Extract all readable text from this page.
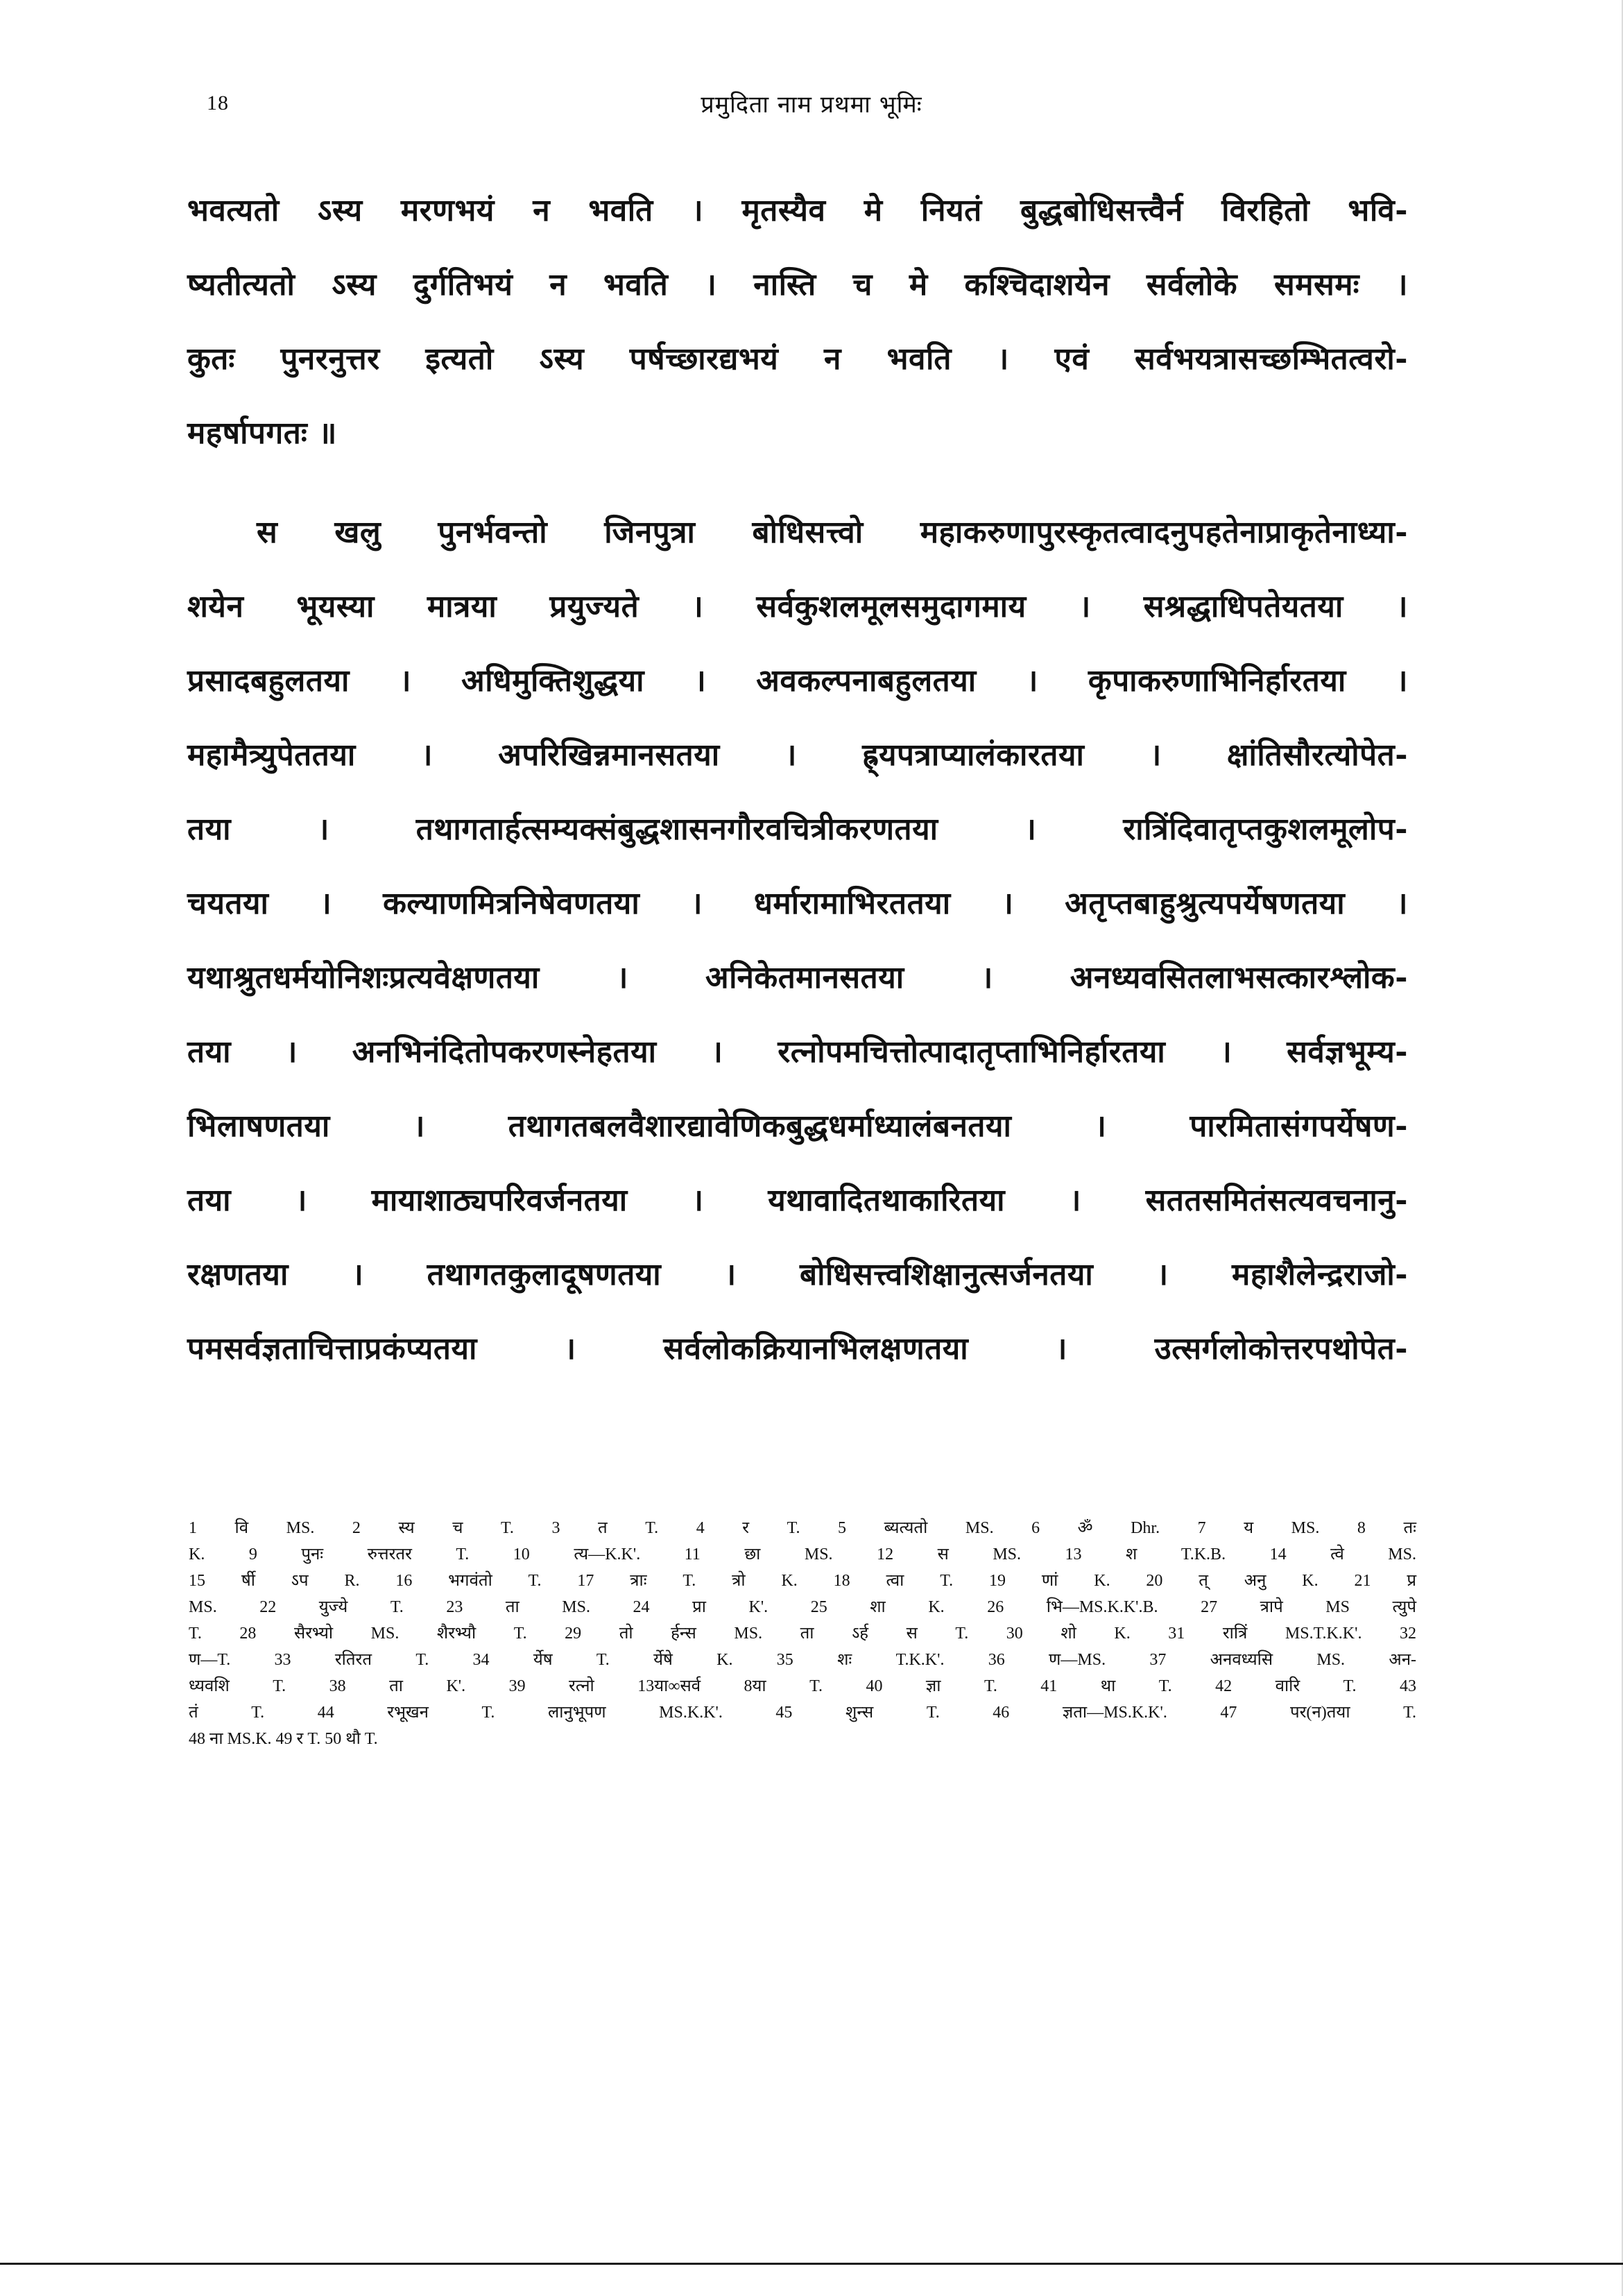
18	प्रमुदिता नाम प्रथमा भूमिः
भवत्यतो ऽस्य मरणभयं न भवति । मृतस्यैव मे नियतं बुद्धबोधिसत्त्वैर्न विरहितो भवि-
ष्यतीत्यतो ऽस्य दुर्गतिभयं न भवति । नास्ति च मे कश्चिदाशयेन सर्वलोके समसमः ।
कुतः पुनरनुत्तर इत्यतो ऽस्य पर्षच्छारद्यभयं न भवति । एवं सर्वभयत्रासच्छम्भितत्वरो-
महर्षापगतः ॥
स खलु पुनर्भवन्तो जिनपुत्रा बोधिसत्त्वो महाकरुणापुरस्कृतत्वादनुपहतेनाप्राकृतेनाध्या-
शयेन भूयस्या मात्रया प्रयुज्यते । सर्वकुशलमूलसमुदागमाय । सश्रद्धाधिपतेयतया ।
प्रसादबहुलतया । अधिमुक्तिशुद्धया । अवकल्पनाबहुलतया । कृपाकरुणाभिनिर्हारतया ।
महामैत्र्युपेततया । अपरिखिन्नमानसतया । ह्र्यपत्राप्यालंकारतया । क्षांतिसौरत्योपेत-
तया । तथागतार्हत्सम्यक्संबुद्धशासनगौरवचित्रीकरणतया । रात्रिंदिवातृप्तकुशलमूलोप-
चयतया । कल्याणमित्रनिषेवणतया । धर्मारामाभिरततया । अतृप्तबाहुश्रुत्यपर्येषणतया ।
यथाश्रुतधर्मयोनिशःप्रत्यवेक्षणतया । अनिकेतमानसतया । अनध्यवसितलाभसत्कारश्लोक-
तया । अनभिनंदितोपकरणस्नेहतया । रत्नोपमचित्तोत्पादातृप्ताभिनिर्हारतया । सर्वज्ञभूम्य-
भिलाषणतया । तथागतबलवैशारद्यावेणिकबुद्धधर्माध्यालंबनतया । पारमितासंगपर्येषण-
तया । मायाशाठ्यपरिवर्जनतया । यथावादितथाकारितया । सततसमितंसत्यवचनानु-
रक्षणतया । तथागतकुलादूषणतया । बोधिसत्त्वशिक्षानुत्सर्जनतया । महाशैलेन्द्रराजो-
पमसर्वज्ञताचित्ताप्रकंप्यतया । सर्वलोकक्रियानभिलक्षणतया । उत्सर्गलोकोत्तरपथोपेत-
1 वि MS. 2 स्य च T. 3 त T. 4 र T. 5 ब्यत्यतो MS. 6 ॐ Dhr. 7 य MS. 8 तः
K. 9 पुनः रुत्तरतर T. 10 त्य—K.K'. 11 छा MS. 12 स MS. 13 श T.K.B. 14 त्वे MS.
15 र्षी ऽप R. 16 भगवंतो T. 17 त्राः T. त्रो K. 18 त्वा T. 19 णां K. 20 त् अनु K. 21 प्र
MS. 22 युज्ये T. 23 ता MS. 24 प्रा K'. 25 शा K. 26 भि—MS.K.K'.B. 27 त्रापे MS त्युपे
T. 28 सैरभ्यो MS. शैरभ्यौ T. 29 तो र्हन्स MS. ता ऽर्ह स T. 30 शो K. 31 रात्रिं MS.T.K.K'. 32
ण—T. 33 रतिरत T. 34 र्येष T. र्येषे K. 35 शः T.K.K'. 36 ण—MS. 37 अनवध्यसि MS. अन-
ध्यवशि T. 38 ता K'. 39 रत्नो 13या∞सर्व 8या T. 40 ज्ञा T. 41 था T. 42 वारि T. 43
तं T. 44 रभूखन T. लानुभूपण MS.K.K'. 45 शुन्स T. 46 ज्ञता—MS.K.K'. 47 पर(न)तया T.
48 ना MS.K. 49 र T. 50 थौ T.
